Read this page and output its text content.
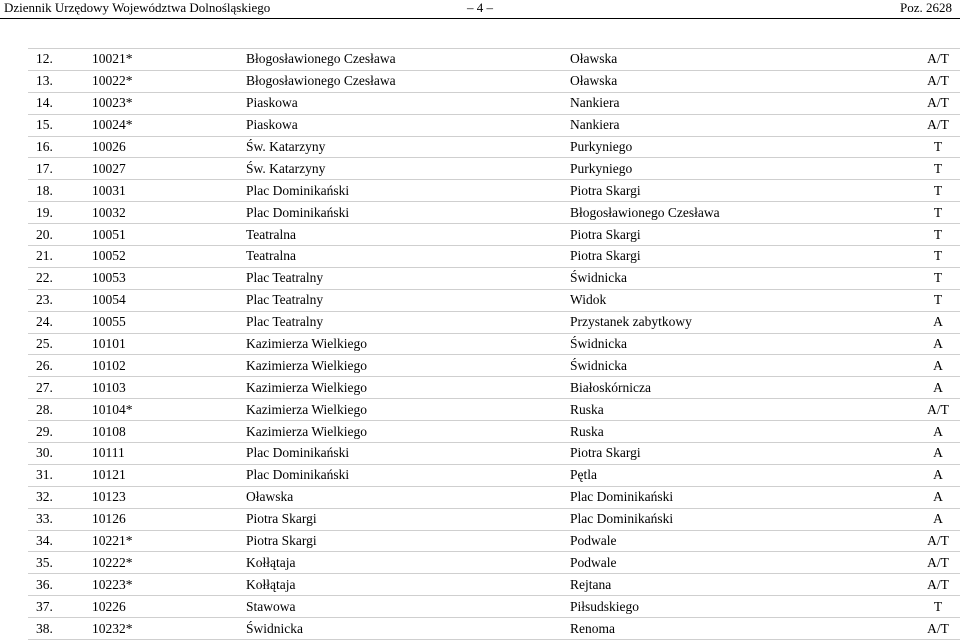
Dziennik Urzędowy Województwa Dolnośląskiego	– 4 –	Poz. 2628
12.	10021*	Błogosławionego Czesława	Oławska	A/T
13.	10022*	Błogosławionego Czesława	Oławska	A/T
14.	10023*	Piaskowa	Nankiera	A/T
15.	10024*	Piaskowa	Nankiera	A/T
16.	10026	Św. Katarzyny	Purkyniego	T
17.	10027	Św. Katarzyny	Purkyniego	T
18.	10031	Plac Dominikański	Piotra Skargi	T
19.	10032	Plac Dominikański	Błogosławionego Czesława	T
20.	10051	Teatralna	Piotra Skargi	T
21.	10052	Teatralna	Piotra Skargi	T
22.	10053	Plac Teatralny	Świdnicka	T
23.	10054	Plac Teatralny	Widok	T
24.	10055	Plac Teatralny	Przystanek zabytkowy	A
25.	10101	Kazimierza Wielkiego	Świdnicka	A
26.	10102	Kazimierza Wielkiego	Świdnicka	A
27.	10103	Kazimierza Wielkiego	Białoskórnicza	A
28.	10104*	Kazimierza Wielkiego	Ruska	A/T
29.	10108	Kazimierza Wielkiego	Ruska	A
30.	10111	Plac Dominikański	Piotra Skargi	A
31.	10121	Plac Dominikański	Pętla	A
32.	10123	Oławska	Plac Dominikański	A
33.	10126	Piotra Skargi	Plac Dominikański	A
34.	10221*	Piotra Skargi	Podwale	A/T
35.	10222*	Kołłątaja	Podwale	A/T
36.	10223*	Kołłątaja	Rejtana	A/T
37.	10226	Stawowa	Piłsudskiego	T
38.	10232*	Świdnicka	Renoma	A/T
